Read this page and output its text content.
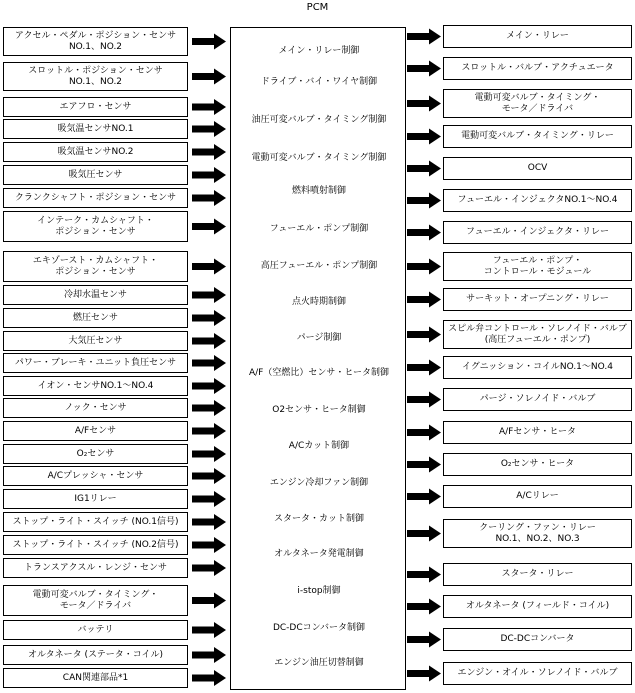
PCM
アクセル・ペダル・ポジション・センサ
NO.1、NO.2
スロットル・ポジション・センサ
NO.1、NO.2
エアフロ・センサ
吸気温センサNO.1
吸気温センサNO.2
吸気圧センサ
クランクシャフト・ポジション・センサ
インテーク・カムシャフト・
ポジション・センサ
エキゾースト・カムシャフト・
ポジション・センサ
冷却水温センサ
燃圧センサ
大気圧センサ
パワー・ブレーキ・ユニット負圧センサ
イオン・センサNO.1〜NO.4
ノック・センサ
A/Fセンサ
O₂センサ
A/Cプレッシャ・センサ
IG1リレー
ストップ・ライト・スイッチ (NO.1信号)
ストップ・ライト・スイッチ (NO.2信号)
トランスアクスル・レンジ・センサ
電動可変バルブ・タイミング・
モータ／ドライバ
バッテリ
オルタネータ (ステータ・コイル)
CAN関連部品*1
メイン・リレー制御
ドライブ・バイ・ワイヤ制御
油圧可変バルブ・タイミング制御
電動可変バルブ・タイミング制御
燃料噴射制御
フューエル・ポンプ制御
高圧フューエル・ポンプ制御
点火時期制御
パージ制御
A/F（空燃比）センサ・ヒータ制御
O2センサ・ヒータ制御
A/Cカット制御
エンジン冷却ファン制御
スタータ・カット制御
オルタネータ発電制御
i-stop制御
DC-DCコンバータ制御
エンジン油圧切替制御
メイン・リレー
スロットル・バルブ・アクチュエータ
電動可変バルブ・タイミング・
モータ／ドライバ
電動可変バルブ・タイミング・リレー
OCV
フューエル・インジェクタNO.1〜NO.4
フューエル・インジェクタ・リレー
フューエル・ポンプ・
コントロール・モジュール
サーキット・オープニング・リレー
スピル弁コントロール・ソレノイド・バルブ
(高圧フューエル・ポンプ)
イグニッション・コイルNO.1〜NO.4
パージ・ソレノイド・バルブ
A/Fセンサ・ヒータ
O₂センサ・ヒータ
A/Cリレー
クーリング・ファン・リレー
NO.1、NO.2、NO.3
スタータ・リレー
オルタネータ (フィールド・コイル)
DC-DCコンバータ
エンジン・オイル・ソレノイド・バルブ
